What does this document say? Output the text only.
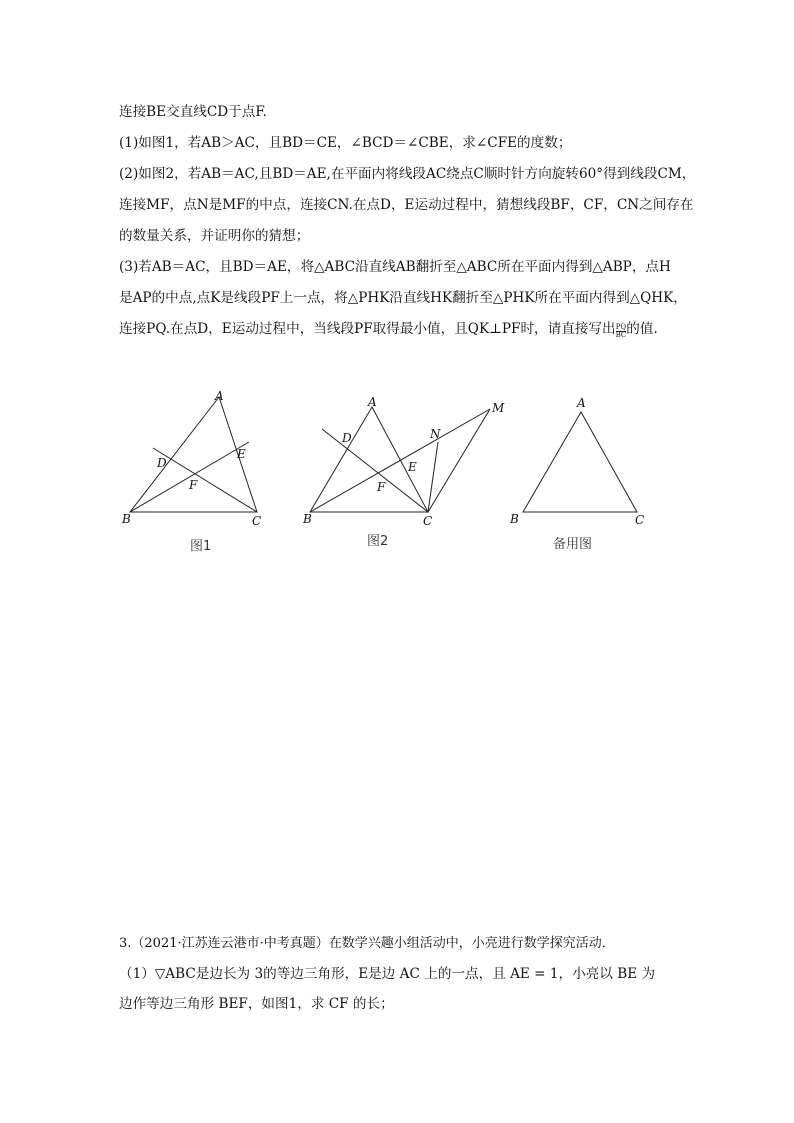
连接BE交直线CD于点F.
(1)如图1，若AB＞AC，且BD＝CE，∠BCD＝∠CBE，求∠CFE的度数；
(2)如图2，若AB＝AC,且BD＝AE,在平面内将线段AC绕点C顺时针方向旋转60°得到线段CM，
连接MF，点N是MF的中点，连接CN.在点D，E运动过程中，猜想线段BF，CF，CN之间存在
的数量关系，并证明你的猜想；
(3)若AB＝AC，且BD＝AE，将△ABC沿直线AB翻折至△ABC所在平面内得到△ABP，点H
是AP的中点,点K是线段PF上一点，将△PHK沿直线HK翻折至△PHK所在平面内得到△QHK，
连接PQ.在点D，E运动过程中，当线段PF取得最小值，且QK⊥PF时，请直接写出 $\frac{PQ}{BC}$ 的值.
A
B	C
D
E
F
图1
A
B	C
D
E
F
M
N
图2
A
B	C
备用图
3.（2021·江苏连云港市·中考真题）在数学兴趣小组活动中，小亮进行数学探究活动．
（1）▽ABC是边长为 3的等边三角形，E是边 AC 上的一点，且 AE = 1，小亮以 BE 为
边作等边三角形 BEF，如图1，求 CF 的长；
